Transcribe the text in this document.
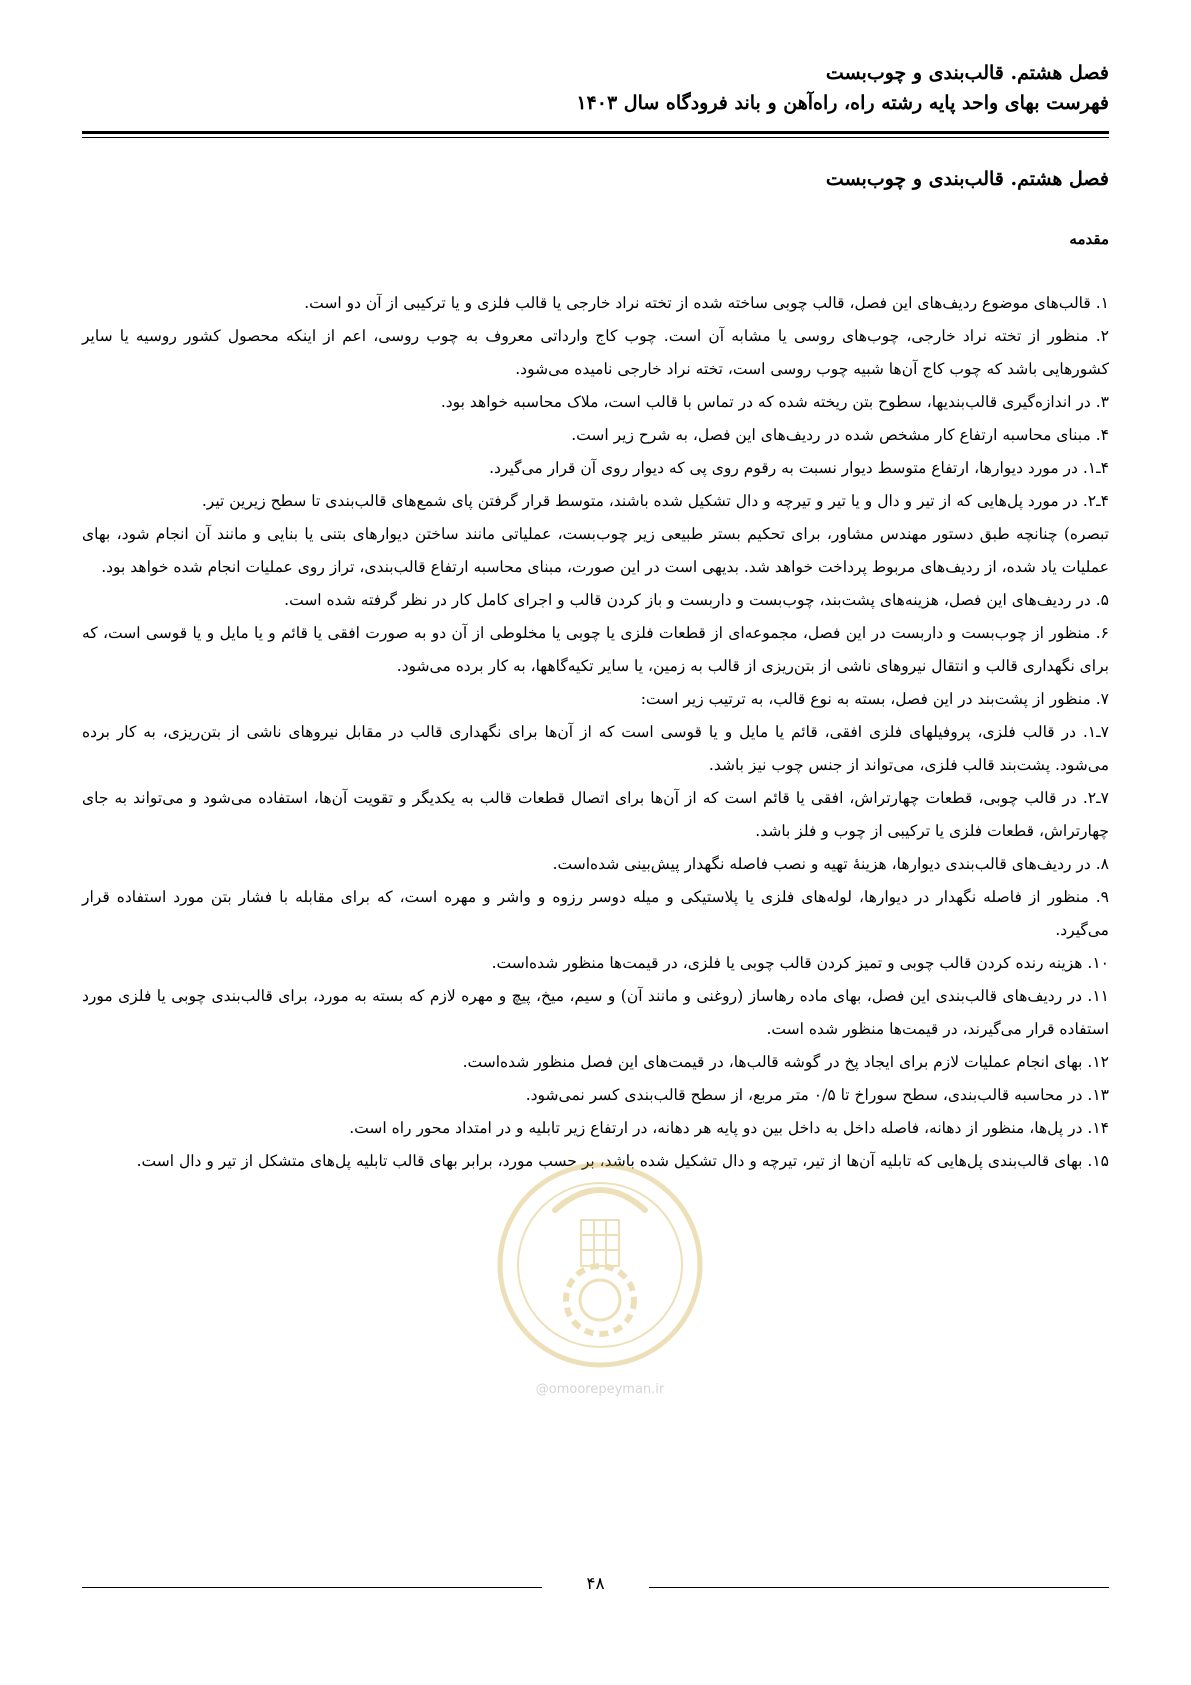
فصل هشتم. قالب‌بندی و چوب‌بست
فهرست بهای واحد پایه رشته راه، راه‌آهن و باند فرودگاه سال ۱۴۰۳
فصل هشتم. قالب‌بندی و چوب‌بست
مقدمه

۱. قالب‌های موضوع ردیف‌های این فصل، قالب چوبی ساخته شده از تخته نراد خارجی یا قالب فلزی و یا ترکیبی از آن دو است.

۲. منظور از تخته نراد خارجی، چوب‌های روسی یا مشابه آن است. چوب کاج وارداتی معروف به چوب روسی، اعم از اینکه محصول کشور روسیه یا سایر کشورهایی باشد که چوب کاج آن‌ها شبیه چوب روسی است، تخته نراد خارجی نامیده می‌شود.

۳. در اندازه‌گیری قالب‌بندیها، سطوح بتن ریخته شده که در تماس با قالب است، ملاک محاسبه خواهد بود.

۴. مبنای محاسبه ارتفاع کار مشخص شده در ردیف‌های این فصل، به شرح زیر است.

۴ـ۱. در مورد دیوارها، ارتفاع متوسط دیوار نسبت به رقوم روی پی که دیوار روی آن قرار می‌گیرد.

۴ـ۲. در مورد پل‌هایی که از تیر و دال و یا تیر و تیرچه و دال تشکیل شده باشند، متوسط قرار گرفتن پای شمع‌های قالب‌بندی تا سطح زیرین تیر.

تبصره) چنانچه طبق دستور مهندس مشاور، برای تحکیم بستر طبیعی زیر چوب‌بست، عملیاتی مانند ساختن دیوارهای بتنی یا بنایی و مانند آن انجام شود، بهای عملیات یاد شده، از ردیف‌های مربوط پرداخت خواهد شد. بدیهی است در این صورت، مبنای محاسبه ارتفاع قالب‌بندی، تراز روی عملیات انجام شده خواهد بود.

۵. در ردیف‌های این فصل، هزینه‌های پشت‌بند، چوب‌بست و داربست و باز کردن قالب و اجرای کامل کار در نظر گرفته شده است.

۶. منظور از چوب‌بست و داربست در این فصل، مجموعه‌ای از قطعات فلزی یا چوبی یا مخلوطی از آن دو به صورت افقی یا قائم و یا مایل و یا قوسی است، که برای نگهداری قالب و انتقال نیروهای ناشی از بتن‌ریزی از قالب به زمین، یا سایر تکیه‌گاهها، به کار برده می‌شود.

۷. منظور از پشت‌بند در این فصل، بسته به نوع قالب، به ترتیب زیر است:

۷ـ۱. در قالب فلزی، پروفیلهای فلزی افقی، قائم یا مایل و یا قوسی است که از آن‌ها برای نگهداری قالب در مقابل نیروهای ناشی از بتن‌ریزی، به کار برده می‌شود. پشت‌بند قالب فلزی، می‌تواند از جنس چوب نیز باشد.

۷ـ۲. در قالب چوبی، قطعات چهارتراش، افقی یا قائم است که از آن‌ها برای اتصال قطعات قالب به یکدیگر و تقویت آن‌ها، استفاده می‌شود و می‌تواند به جای چهارتراش، قطعات فلزی یا ترکیبی از چوب و فلز باشد.

۸. در ردیف‌های قالب‌بندی دیوارها، هزینهٔ تهیه و نصب فاصله نگهدار پیش‌بینی شده‌است.

۹. منظور از فاصله نگهدار در دیوارها، لوله‌های فلزی یا پلاستیکی و میله دوسر رزوه و واشر و مهره است، که برای مقابله با فشار بتن مورد استفاده قرار می‌گیرد.

۱۰. هزینه رنده کردن قالب چوبی و تمیز کردن قالب چوبی یا فلزی، در قیمت‌ها منظور شده‌است.

۱۱. در ردیف‌های قالب‌بندی این فصل، بهای ماده رهاساز (روغنی و مانند آن) و سیم، میخ، پیچ و مهره لازم که بسته به مورد، برای قالب‌بندی چوبی یا فلزی مورد استفاده قرار می‌گیرند، در قیمت‌ها منظور شده است.

۱۲. بهای انجام عملیات لازم برای ایجاد پخ در گوشه قالب‌ها، در قیمت‌های این فصل منظور شده‌است.

۱۳. در محاسبه قالب‌بندی، سطح سوراخ تا ۰/۵ متر مربع، از سطح قالب‌بندی کسر نمی‌شود.

۱۴. در پل‌ها، منظور از دهانه، فاصله داخل به داخل بین دو پایه هر دهانه، در ارتفاع زیر تابلیه و در امتداد محور راه است.

۱۵. بهای قالب‌بندی پل‌هایی که تابلیه آن‌ها از تیر، تیرچه و دال تشکیل شده باشد، بر حسب مورد، برابر بهای قالب تابلیه پل‌های متشکل از تیر و دال است.

@omoorepeyman.ir
۴۸
